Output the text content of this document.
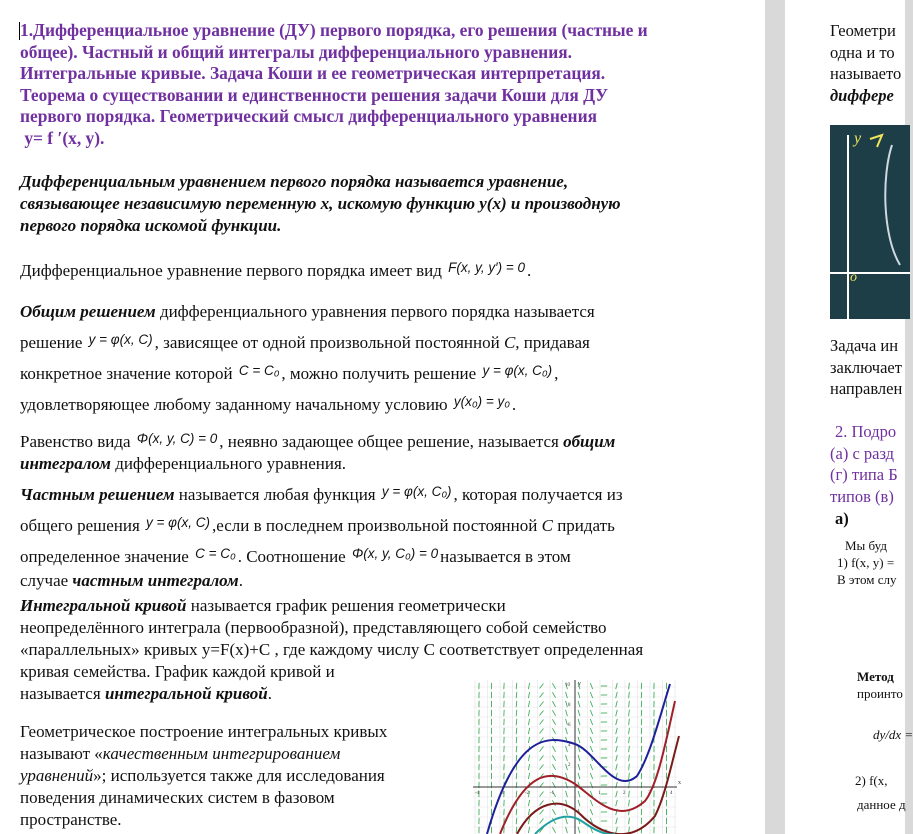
1.Дифференциальное уравнение (ДУ) первого порядка, его решения (частные и
общее). Частный и общий интегралы дифференциального уравнения.
Интегральные кривые. Задача Коши и ее геометрическая интерпретация.
Теорема о существовании и единственности решения задачи Коши для ДУ
первого порядка. Геометрический смысл дифференциального уравнения
y= f ′(x, y).

Дифференциальным уравнением первого порядка называется уравнение,
связывающее независимую переменную x, искомую функцию y(x) и производную
первого порядка искомой функции.

Дифференциальное уравнение первого порядка имеет вид $^{F(x, y, y') = 0}$ .

Общим решением дифференциального уравнения первого порядка называется
решение $^{y = \varphi(x, C)}$ , зависящее от одной произвольной постоянной C, придавая
конкретное значение которой $^{C = C_0}$ , можно получить решение $^{y = \varphi(x, C_0)}$ ,
удовлетворяющее любому заданному начальному условию $^{y(x_0) = y_0}$ .

Равенство вида $^{\Phi(x, y, C) = 0}$ , неявно задающее общее решение, называется общим
интегралом дифференциального уравнения.

Частным решением называется любая функция $^{y = \varphi(x, C_0)}$ , которая получается из
общего решения $^{y = \varphi(x, C)}$ ,если в последнем произвольной постоянной C придать
определенное значение $^{C = C_0}$ . Соотношение $^{\Phi(x, y, C_0) = 0}$ называется в этом
случае частным интегралом.

Интегральной кривой называется график решения геометрически
неопределённого интеграла (первообразной), представляющего собой семейство
«параллельных» кривых y=F(x)+C , где каждому числу C соответствует определенная
кривая семейства. График каждой кривой и
называется интегральной кривой.

Геометрическое построение интегральных кривых
называют «качественным интегрированием
уравнений»; используется также для исследования
поведения динамических систем в фазовом
пространстве.

y
x
10
8
6
4
2
-4	-3	-2	-1	1	2	3	4

Геометри
одна и то
называето
диффере

y
o

Задача ин
заключает
направлен

2. Подро
(а) с разд
(г) типа Б
типов (в)

а)

Мы буд
1) f(x, y) =
В этом слу

Метод
проинто

dy/dx =

2) f(x,

данное д
